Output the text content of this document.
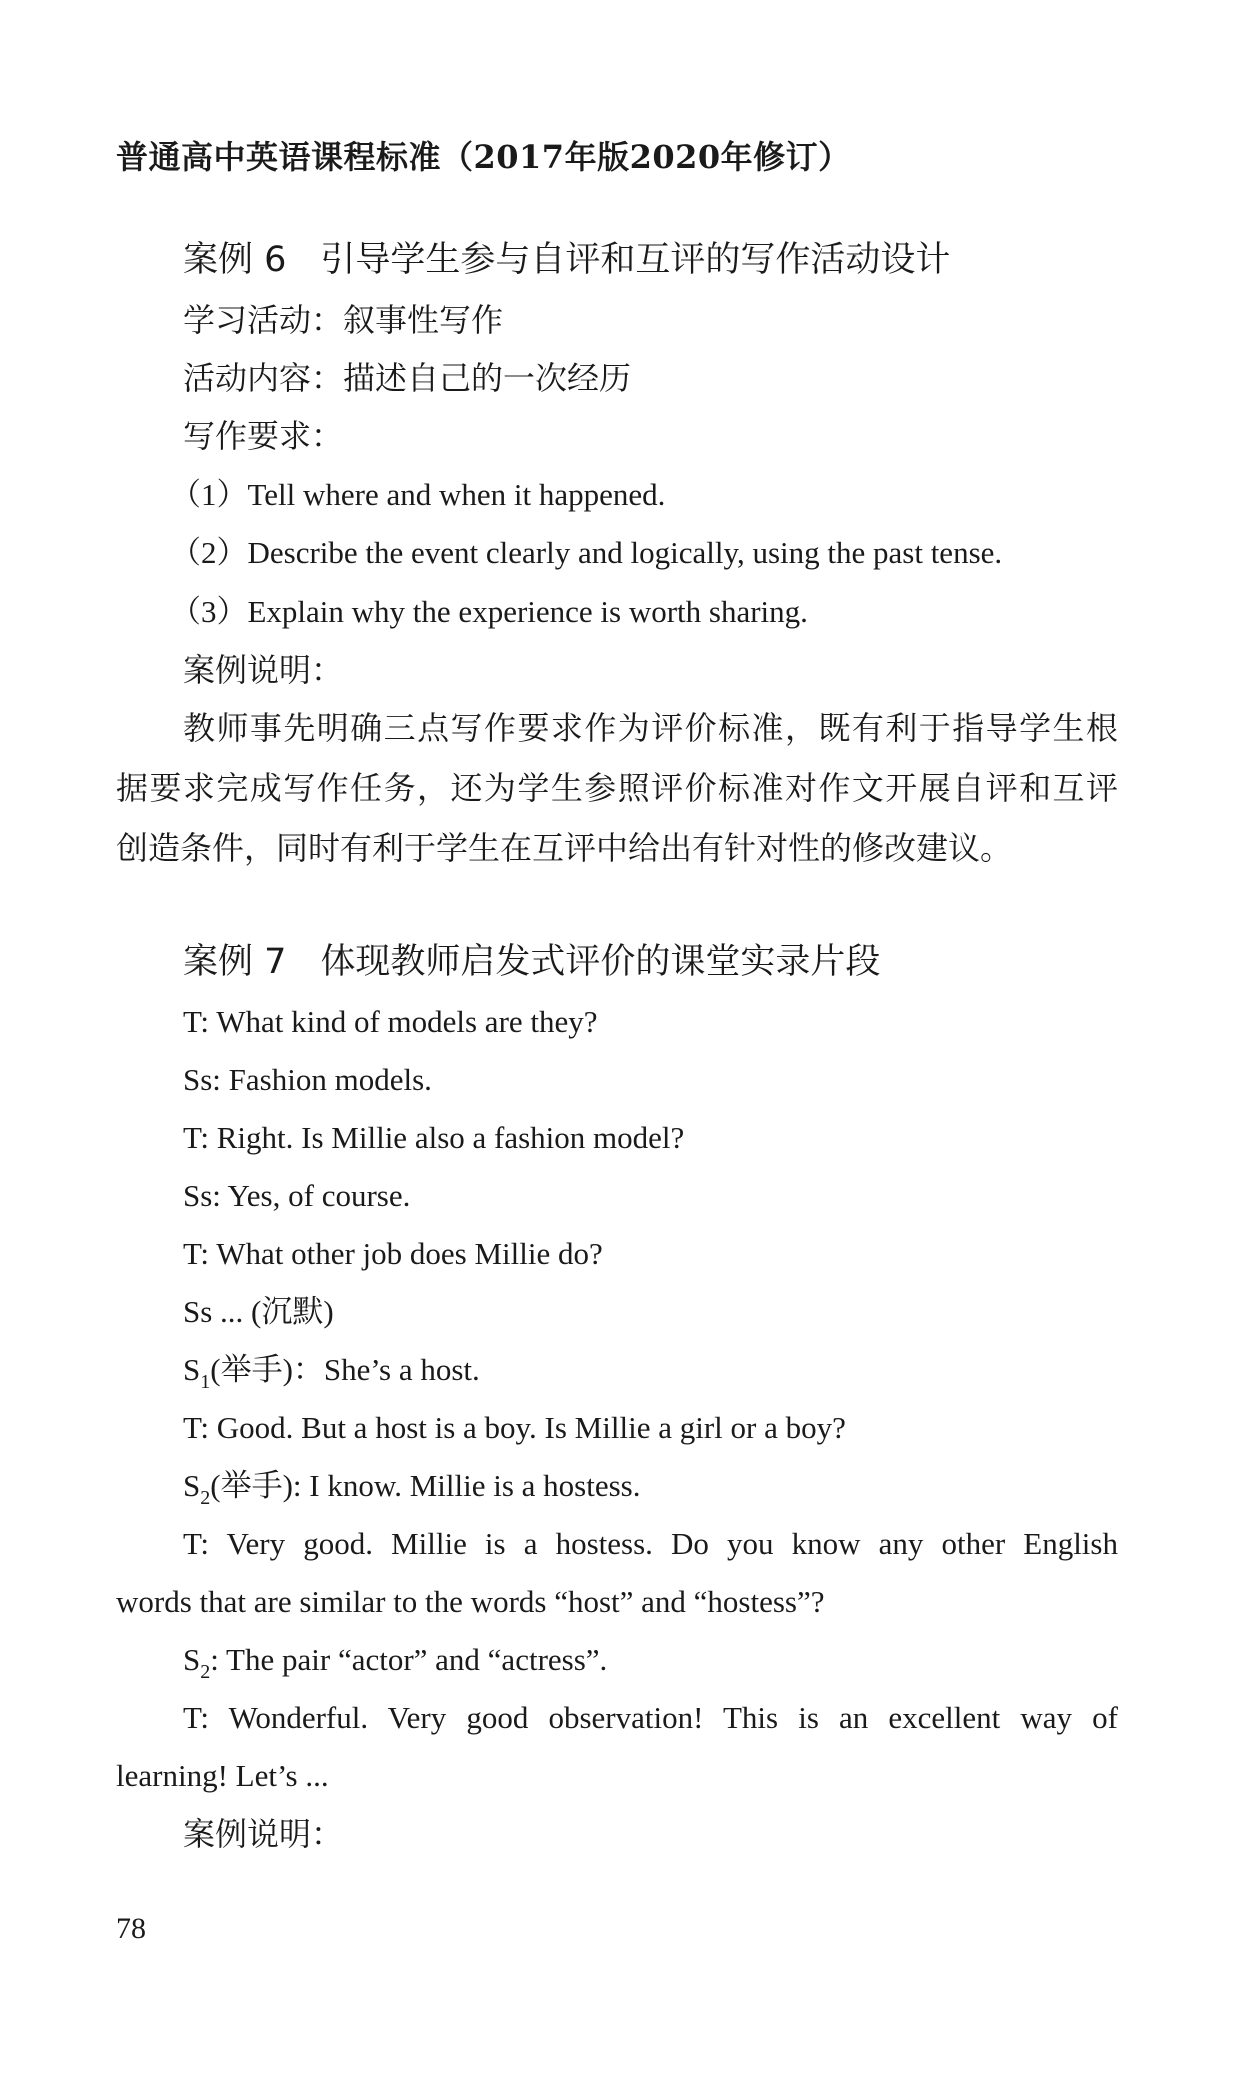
普通高中英语课程标准（2017年版2020年修订）
案例 6 引导学生参与自评和互评的写作活动设计
学习活动：叙事性写作
活动内容：描述自己的一次经历
写作要求：
（1）Tell where and when it happened.
（2）Describe the event clearly and logically, using the past tense.
（3）Explain why the experience is worth sharing.
案例说明：
教师事先明确三点写作要求作为评价标准，既有利于指导学生根
据要求完成写作任务，还为学生参照评价标准对作文开展自评和互评
创造条件，同时有利于学生在互评中给出有针对性的修改建议。
案例 7 体现教师启发式评价的课堂实录片段
T: What kind of models are they?
Ss: Fashion models.
T: Right. Is Millie also a fashion model?
Ss: Yes, of course.
T: What other job does Millie do?
Ss ... (沉默)
$S_1$(举手)：She’s a host.
T: Good. But a host is a boy. Is Millie a girl or a boy?
$S_2$(举手): I know. Millie is a hostess.
T: Very good. Millie is a hostess. Do you know any other English
words that are similar to the words “host” and “hostess”?
$S_2$: The pair “actor” and “actress”.
T: Wonderful. Very good observation! This is an excellent way of
learning! Let’s ...
案例说明：
78
